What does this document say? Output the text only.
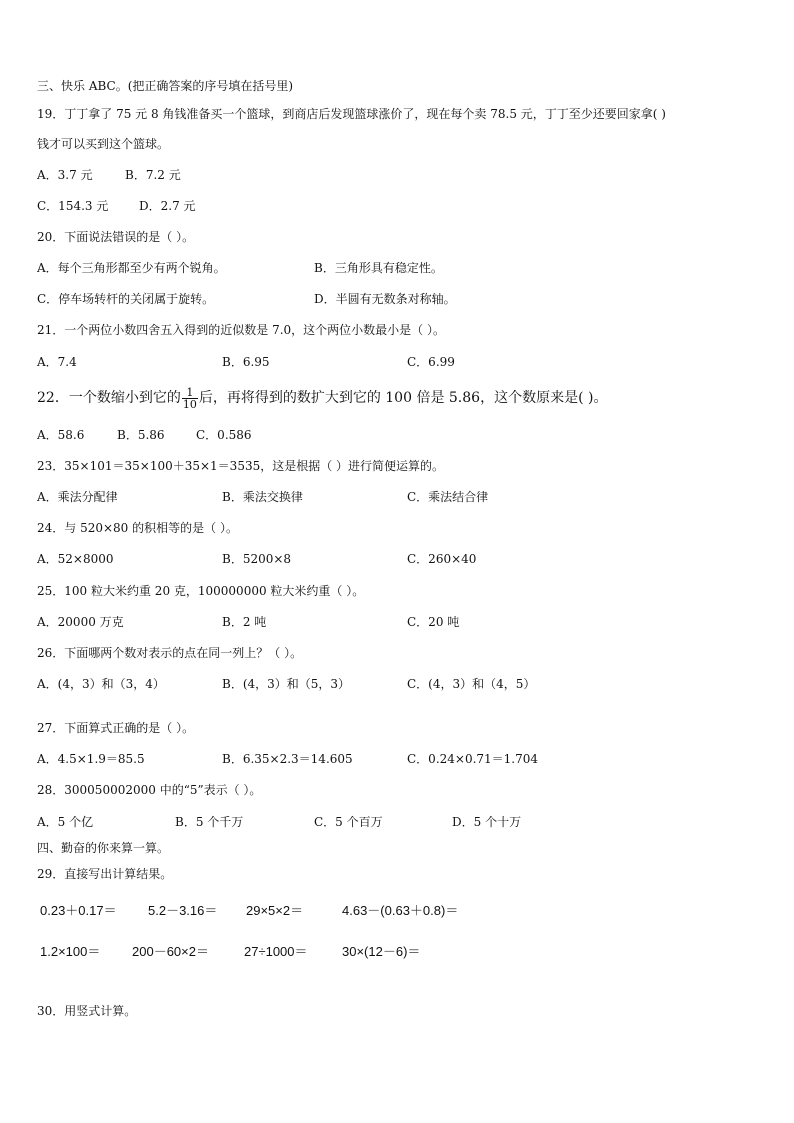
三、快乐 ABC。(把正确答案的序号填在括号里)
19．丁丁拿了 75 元 8 角钱准备买一个篮球，到商店后发现篮球涨价了，现在每个卖 78.5 元，丁丁至少还要回家拿( )
钱才可以买到这个篮球。
A．3.7 元	B．7.2 元
C．154.3 元	D．2.7 元
20．下面说法错误的是（ ）。
A．每个三角形都至少有两个锐角。	B．三角形具有稳定性。
C．停车场转杆的关闭属于旋转。	D．半圆有无数条对称轴。
21．一个两位小数四舍五入得到的近似数是 7.0，这个两位小数最小是（ ）。
A．7.4	B．6.95	C．6.99
22．一个数缩小到它的 $\frac{1}{10}$ 后，再将得到的数扩大到它的 100 倍是 5.86，这个数原来是( )。
A．58.6	B．5.86	C．0.586
23．35×101＝35×100＋35×1＝3535，这是根据（ ）进行简便运算的。
A．乘法分配律	B．乘法交换律	C．乘法结合律
24．与 520×80 的积相等的是（ ）。
A．52×8000	B．5200×8	C．260×40
25．100 粒大米约重 20 克，100000000 粒大米约重（ ）。
A．20000 万克	B．2 吨	C．20 吨
26．下面哪两个数对表示的点在同一列上？（ ）。
A．(4，3）和（3，4）	B．(4，3）和（5，3）	C．(4，3）和（4，5）
27．下面算式正确的是（ ）。
A．4.5×1.9＝85.5	B．6.35×2.3＝14.605	C．0.24×0.71＝1.704
28．300050002000 中的“5”表示（ ）。
A．5 个亿	B．5 个千万	C．5 个百万	D．5 个十万
四、勤奋的你来算一算。
29．直接写出计算结果。
0.23＋0.17＝ 5.2－3.16＝ 29×5×2＝	4.63－(0.63＋0.8)＝
1.2×100＝ 200－60×2＝	27÷1000＝	30×(12－6)＝
30．用竖式计算。
